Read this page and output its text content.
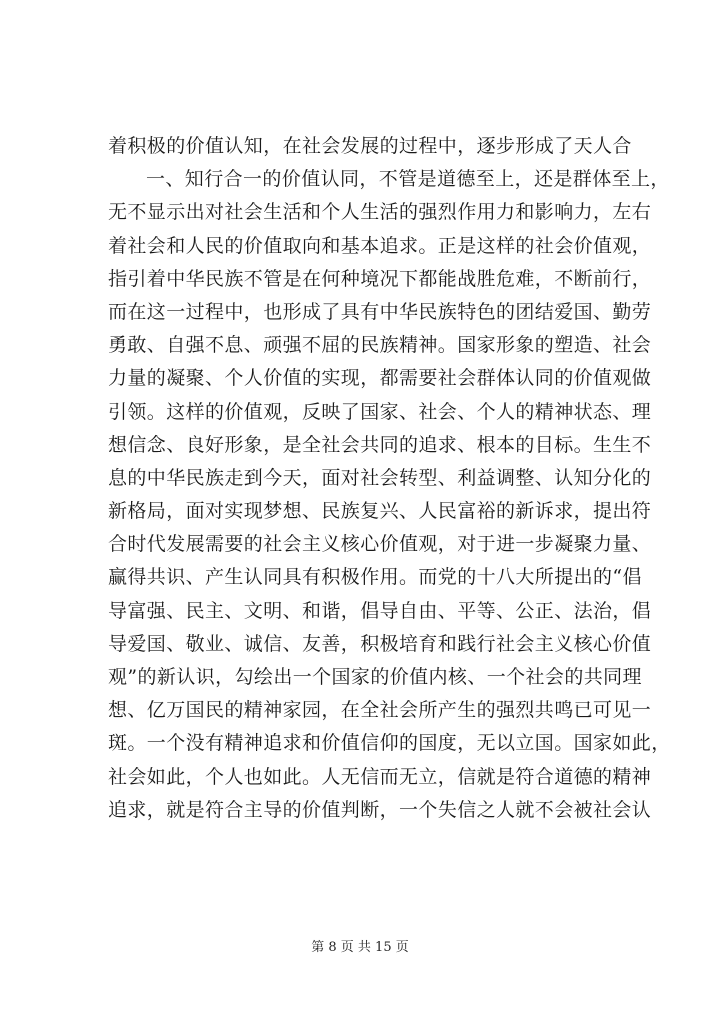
着积极的价值认知，在社会发展的过程中，逐步形成了天人合
一、知行合一的价值认同，不管是道德至上，还是群体至上，
无不显示出对社会生活和个人生活的强烈作用力和影响力，左右
着社会和人民的价值取向和基本追求。正是这样的社会价值观，
指引着中华民族不管是在何种境况下都能战胜危难，不断前行，
而在这一过程中，也形成了具有中华民族特色的团结爱国、勤劳
勇敢、自强不息、顽强不屈的民族精神。国家形象的塑造、社会
力量的凝聚、个人价值的实现，都需要社会群体认同的价值观做
引领。这样的价值观，反映了国家、社会、个人的精神状态、理
想信念、良好形象，是全社会共同的追求、根本的目标。生生不
息的中华民族走到今天，面对社会转型、利益调整、认知分化的
新格局，面对实现梦想、民族复兴、人民富裕的新诉求，提出符
合时代发展需要的社会主义核心价值观，对于进一步凝聚力量、
赢得共识、产生认同具有积极作用。而党的十八大所提出的“倡
导富强、民主、文明、和谐，倡导自由、平等、公正、法治，倡
导爱国、敬业、诚信、友善，积极培育和践行社会主义核心价值
观”的新认识，勾绘出一个国家的价值内核、一个社会的共同理
想、亿万国民的精神家园，在全社会所产生的强烈共鸣已可见一
斑。一个没有精神追求和价值信仰的国度，无以立国。国家如此，
社会如此，个人也如此。人无信而无立，信就是符合道德的精神
追求，就是符合主导的价值判断，一个失信之人就不会被社会认
第 8 页 共 15 页
